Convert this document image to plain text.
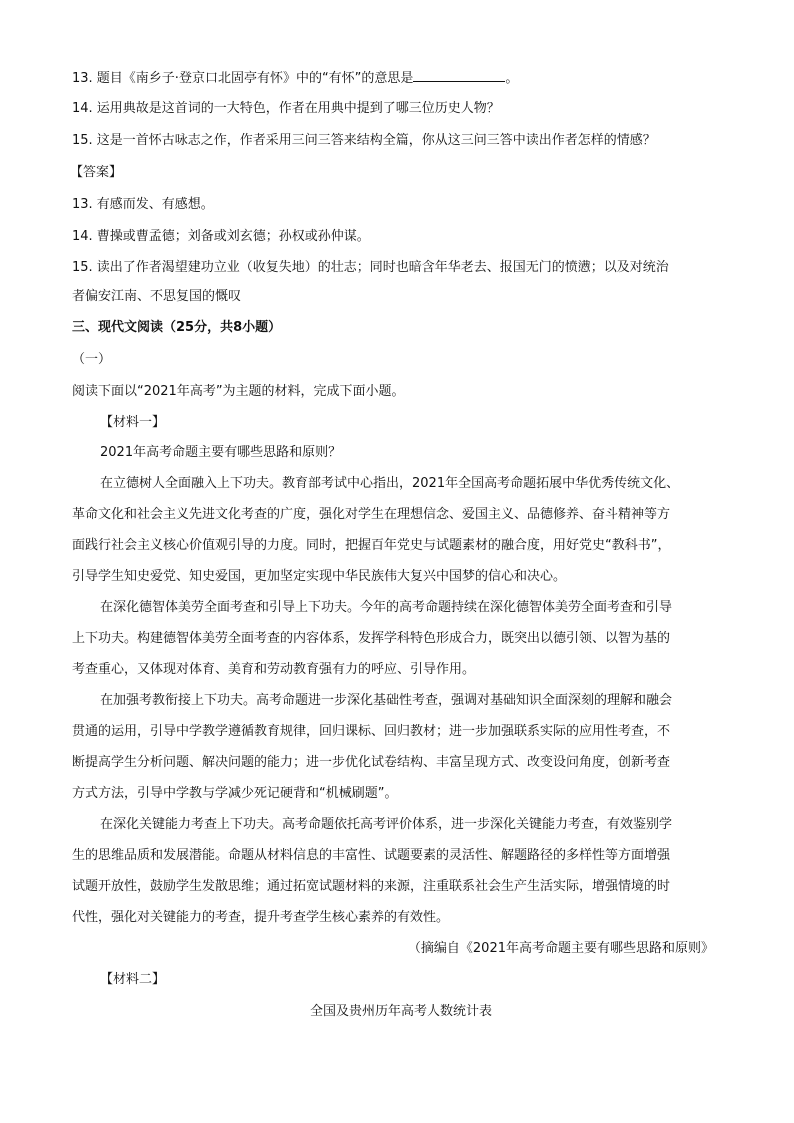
13. 题目《南乡子·登京口北固亭有怀》中的“有怀”的意思是	。
14. 运用典故是这首词的一大特色，作者在用典中提到了哪三位历史人物？
15. 这是一首怀古咏志之作，作者采用三问三答来结构全篇，你从这三问三答中读出作者怎样的情感？
【答案】
13. 有感而发、有感想。
14. 曹操或曹孟德；刘备或刘玄德；孙权或孙仲谋。
15. 读出了作者渴望建功立业（收复失地）的壮志；同时也暗含年华老去、报国无门的愤懑；以及对统治
者偏安江南、不思复国的慨叹
三、现代文阅读（25分，共8小题）
（一）
阅读下面以“2021年高考”为主题的材料，完成下面小题。
【材料一】
2021年高考命题主要有哪些思路和原则？
在立德树人全面融入上下功夫。教育部考试中心指出，2021年全国高考命题拓展中华优秀传统文化、
革命文化和社会主义先进文化考查的广度，强化对学生在理想信念、爱国主义、品德修养、奋斗精神等方
面践行社会主义核心价值观引导的力度。同时，把握百年党史与试题素材的融合度，用好党史“教科书”，
引导学生知史爱党、知史爱国，更加坚定实现中华民族伟大复兴中国梦的信心和决心。
在深化德智体美劳全面考查和引导上下功夫。今年的高考命题持续在深化德智体美劳全面考查和引导
上下功夫。构建德智体美劳全面考查的内容体系，发挥学科特色形成合力，既突出以德引领、以智为基的
考查重心，又体现对体育、美育和劳动教育强有力的呼应、引导作用。
在加强考教衔接上下功夫。高考命题进一步深化基础性考查，强调对基础知识全面深刻的理解和融会
贯通的运用，引导中学教学遵循教育规律，回归课标、回归教材；进一步加强联系实际的应用性考查，不
断提高学生分析问题、解决问题的能力；进一步优化试卷结构、丰富呈现方式、改变设问角度，创新考查
方式方法，引导中学教与学减少死记硬背和“机械刷题”。
在深化关键能力考查上下功夫。高考命题依托高考评价体系，进一步深化关键能力考查，有效鉴别学
生的思维品质和发展潜能。命题从材料信息的丰富性、试题要素的灵活性、解题路径的多样性等方面增强
试题开放性，鼓励学生发散思维；通过拓宽试题材料的来源，注重联系社会生产生活实际，增强情境的时
代性，强化对关键能力的考查，提升考查学生核心素养的有效性。
（摘编自《2021年高考命题主要有哪些思路和原则》
【材料二】
全国及贵州历年高考人数统计表
